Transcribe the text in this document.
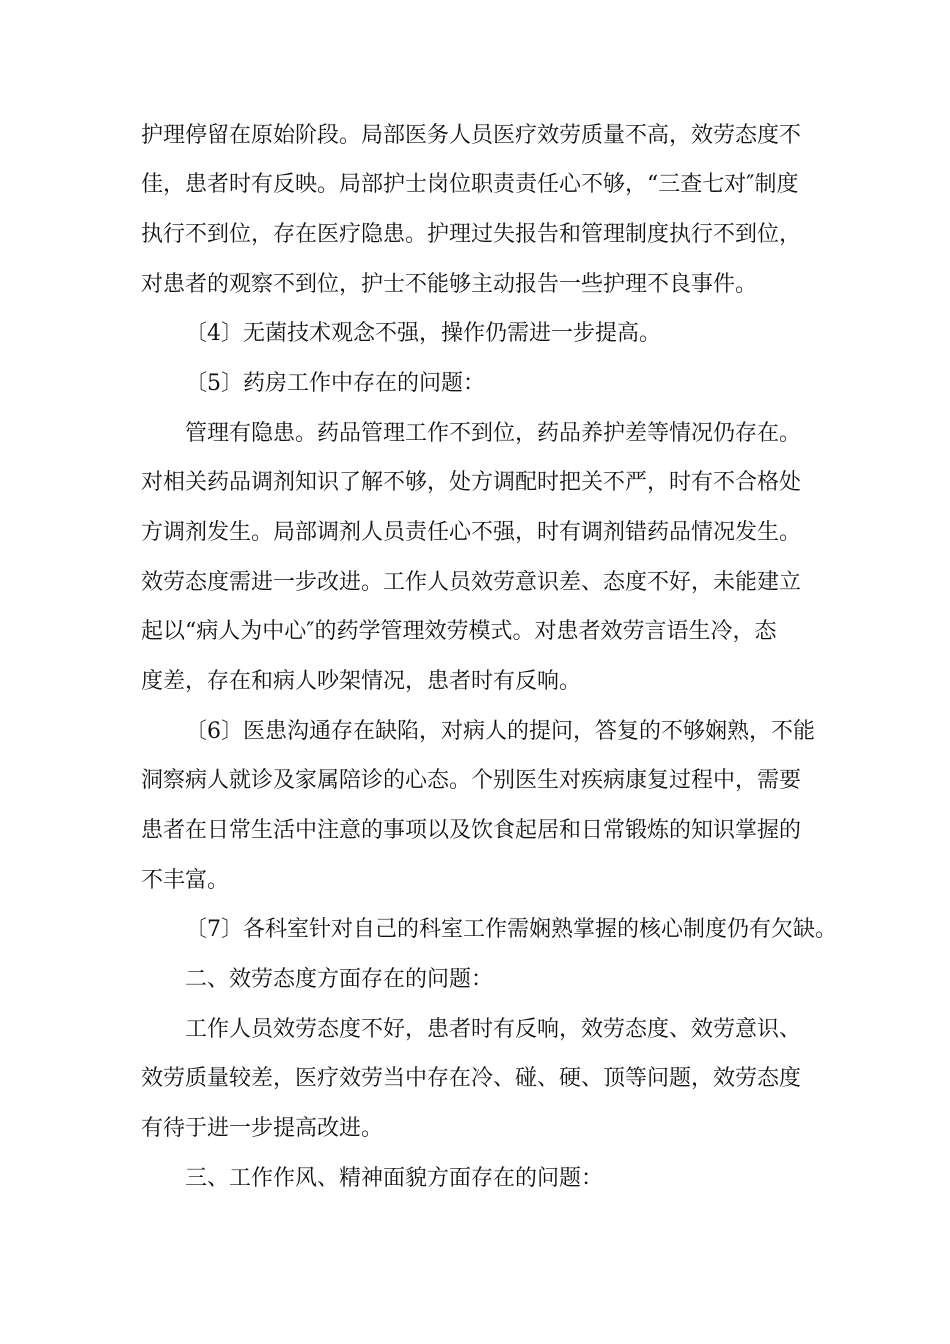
护理停留在原始阶段。局部医务人员医疗效劳质量不高，效劳态度不
佳，患者时有反映。局部护士岗位职责责任心不够，“三查七对″制度
执行不到位，存在医疗隐患。护理过失报告和管理制度执行不到位，
对患者的观察不到位，护士不能够主动报告一些护理不良事件。
〔4〕无菌技术观念不强，操作仍需进一步提高。
〔5〕药房工作中存在的问题：
管理有隐患。药品管理工作不到位，药品养护差等情况仍存在。
对相关药品调剂知识了解不够，处方调配时把关不严，时有不合格处
方调剂发生。局部调剂人员责任心不强，时有调剂错药品情况发生。
效劳态度需进一步改进。工作人员效劳意识差、态度不好，未能建立
起以“病人为中心″的药学管理效劳模式。对患者效劳言语生冷，态
度差，存在和病人吵架情况，患者时有反响。
〔6〕医患沟通存在缺陷，对病人的提问，答复的不够娴熟，不能
洞察病人就诊及家属陪诊的心态。个别医生对疾病康复过程中，需要
患者在日常生活中注意的事项以及饮食起居和日常锻炼的知识掌握的
不丰富。
〔7〕各科室针对自己的科室工作需娴熟掌握的核心制度仍有欠缺。
二、效劳态度方面存在的问题：
工作人员效劳态度不好，患者时有反响，效劳态度、效劳意识、
效劳质量较差，医疗效劳当中存在冷、碰、硬、顶等问题，效劳态度
有待于进一步提高改进。
三、工作作风、精神面貌方面存在的问题：
